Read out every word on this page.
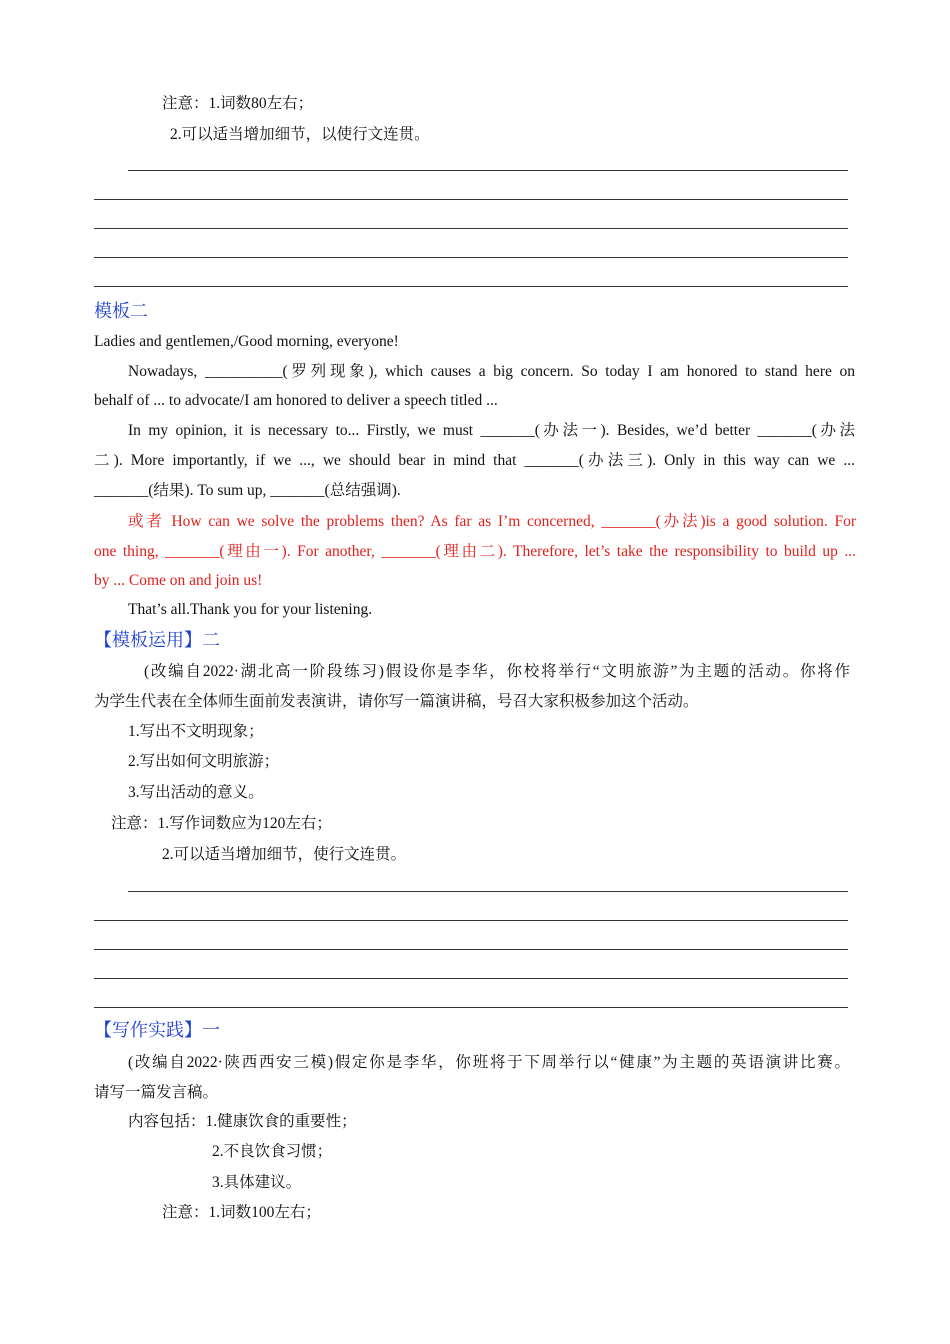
注意：1.词数80左右；
2.可以适当增加细节，以使行文连贯。
模板二
Ladies and gentlemen,/Good morning, everyone!
Nowadays, __________(罗列现象), which causes a big concern. So today I am honored to stand here on
behalf of ... to advocate/I am honored to deliver a speech titled ...
In my opinion, it is necessary to... Firstly, we must _______(办法一). Besides, we’d better _______(办法
二). More importantly, if we ..., we should bear in mind that _______(办法三). Only in this way can we ...
_______(结果). To sum up, _______(总结强调).
或者 How can we solve the problems then? As far as I’m concerned, _______(办法)is a good solution. For
one thing, _______(理由一). For another, _______(理由二). Therefore, let’s take the responsibility to build up ...
by ... Come on and join us!
That’s all.Thank you for your listening.
【模板运用】二
(改编自2022·湖北高一阶段练习)假设你是李华，你校将举行“文明旅游”为主题的活动。你将作
为学生代表在全体师生面前发表演讲，请你写一篇演讲稿，号召大家积极参加这个活动。
1.写出不文明现象；
2.写出如何文明旅游；
3.写出活动的意义。
注意：1.写作词数应为120左右；
2.可以适当增加细节，使行文连贯。
【写作实践】一
(改编自2022·陕西西安三模)假定你是李华，你班将于下周举行以“健康”为主题的英语演讲比赛。
请写一篇发言稿。
内容包括：1.健康饮食的重要性；
2.不良饮食习惯；
3.具体建议。
注意：1.词数100左右；
